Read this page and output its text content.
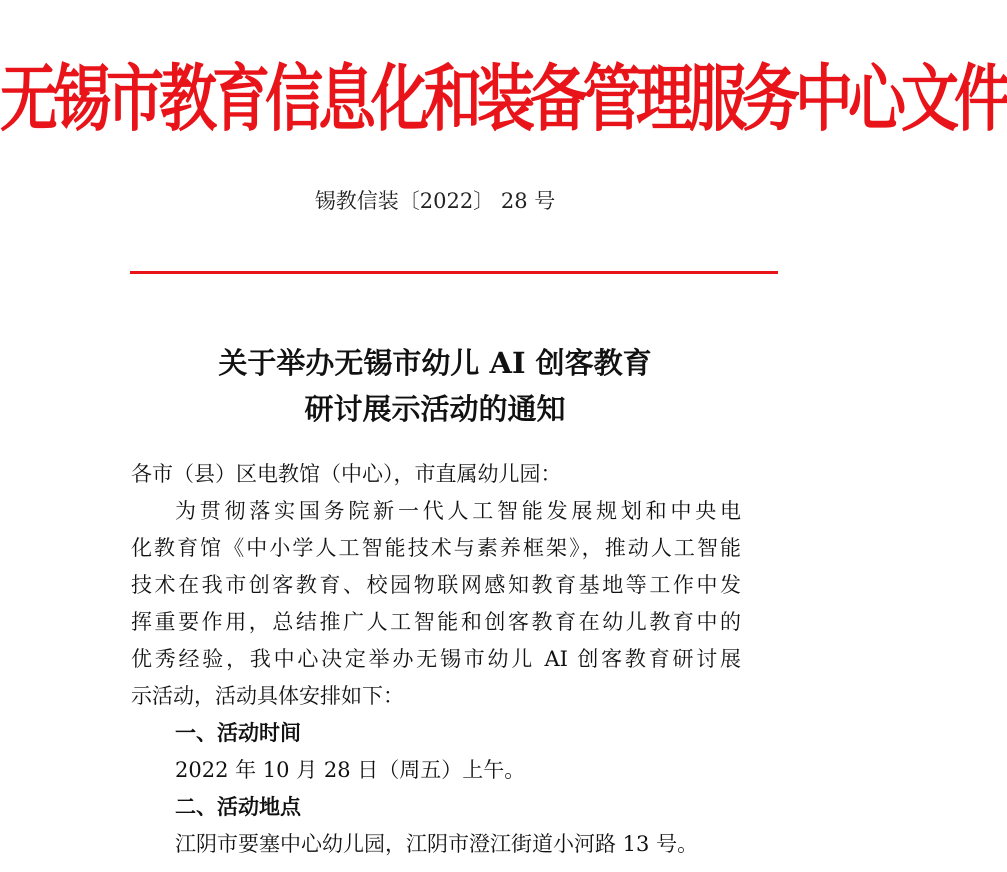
无锡市教育信息化和装备管理服务中心文件
锡教信装〔2022〕 28 号
关于举办无锡市幼儿 AI 创客教育
研讨展示活动的通知
各市（县）区电教馆（中心），市直属幼儿园：
为贯彻落实国务院新一代人工智能发展规划和中央电
化教育馆《中小学人工智能技术与素养框架》，推动人工智能
技术在我市创客教育、校园物联网感知教育基地等工作中发
挥重要作用，总结推广人工智能和创客教育在幼儿教育中的
优秀经验，我中心决定举办无锡市幼儿 AI 创客教育研讨展
示活动，活动具体安排如下：
一、活动时间
2022 年 10 月 28 日（周五）上午。
二、活动地点
江阴市要塞中心幼儿园，江阴市澄江街道小河路 13 号。
